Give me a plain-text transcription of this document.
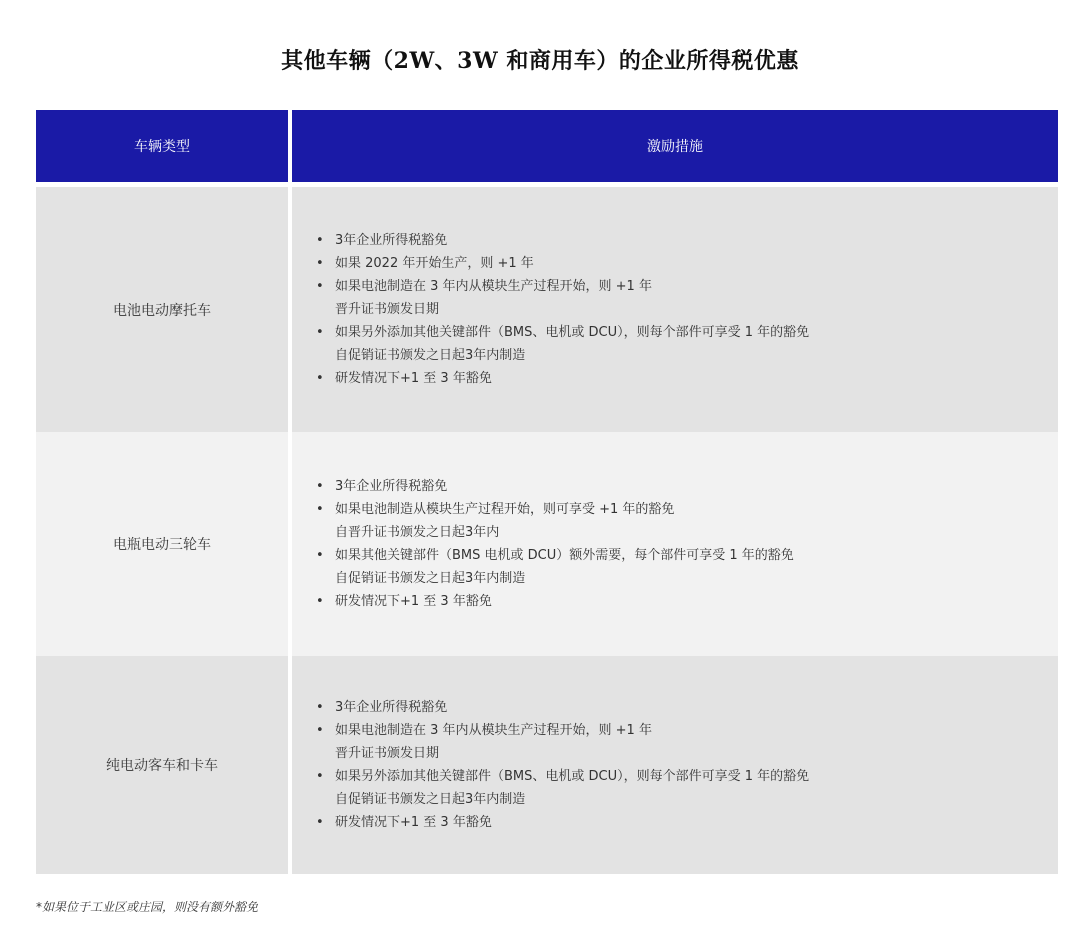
其他车辆（2W、3W 和商用车）的企业所得税优惠
车辆类型	激励措施
电池电动摩托车
• 3年企业所得税豁免
• 如果 2022 年开始生产，则 +1 年
• 如果电池制造在 3 年内从模块生产过程开始，则 +1 年
晋升证书颁发日期
• 如果另外添加其他关键部件（BMS、电机或 DCU），则每个部件可享受 1 年的豁免
自促销证书颁发之日起3年内制造
• 研发情况下+1 至 3 年豁免
电瓶电动三轮车
• 3年企业所得税豁免
• 如果电池制造从模块生产过程开始，则可享受 +1 年的豁免
自晋升证书颁发之日起3年内
• 如果其他关键部件（BMS 电机或 DCU）额外需要，每个部件可享受 1 年的豁免
自促销证书颁发之日起3年内制造
• 研发情况下+1 至 3 年豁免
纯电动客车和卡车
• 3年企业所得税豁免
• 如果电池制造在 3 年内从模块生产过程开始，则 +1 年
晋升证书颁发日期
• 如果另外添加其他关键部件（BMS、电机或 DCU），则每个部件可享受 1 年的豁免
自促销证书颁发之日起3年内制造
• 研发情况下+1 至 3 年豁免
*如果位于工业区或庄园，则没有额外豁免
